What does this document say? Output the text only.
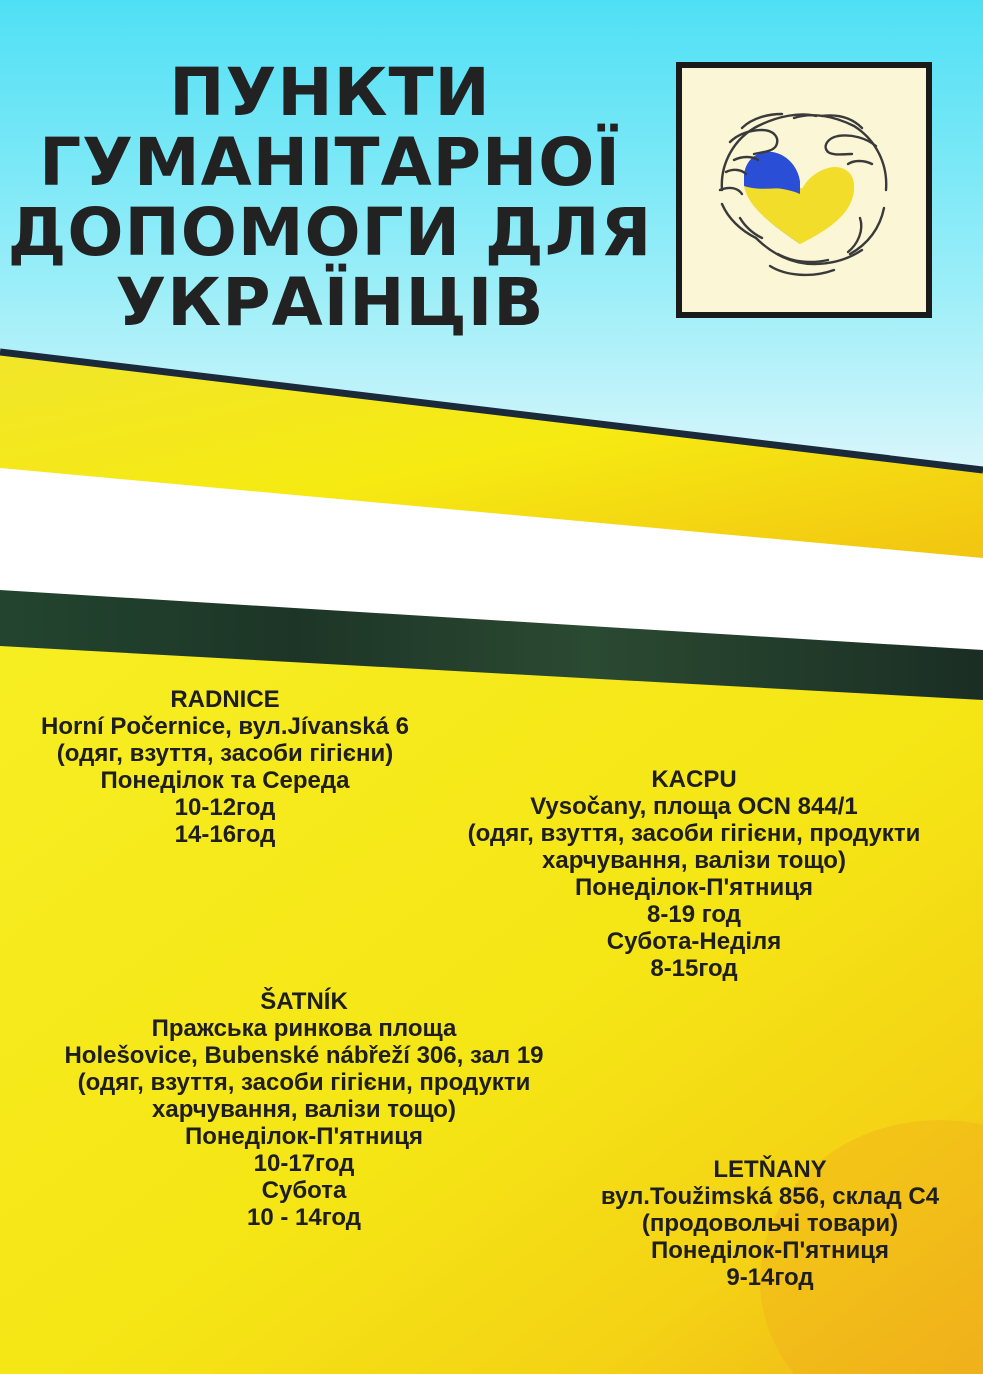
ПУНКТИ
ГУМАНІТАРНОЇ
ДОПОМОГИ ДЛЯ
УКРАЇНЦІВ
RADNICE
Horní Počernice, вул.Jívanská 6
(одяг, взуття, засоби гігієни)
Понеділок та Середа
10-12год
14-16год
KACPU
Vysočany, площа OCN 844/1
(одяг, взуття, засоби гігієни, продукти
харчування, валізи тощо)
Понеділок-П'ятниця
8-19 год
Субота-Неділя
8-15год
ŠATNÍK
Пражська ринкова площа
Holešovice, Bubenské nábřeží 306, зал 19
(одяг, взуття, засоби гігієни, продукти
харчування, валізи тощо)
Понеділок-П'ятниця
10-17год
Субота
10 - 14год
LETŇANY
вул.Toužimská 856, склад C4
(продовольчі товари)
Понеділок-П'ятниця
9-14год
